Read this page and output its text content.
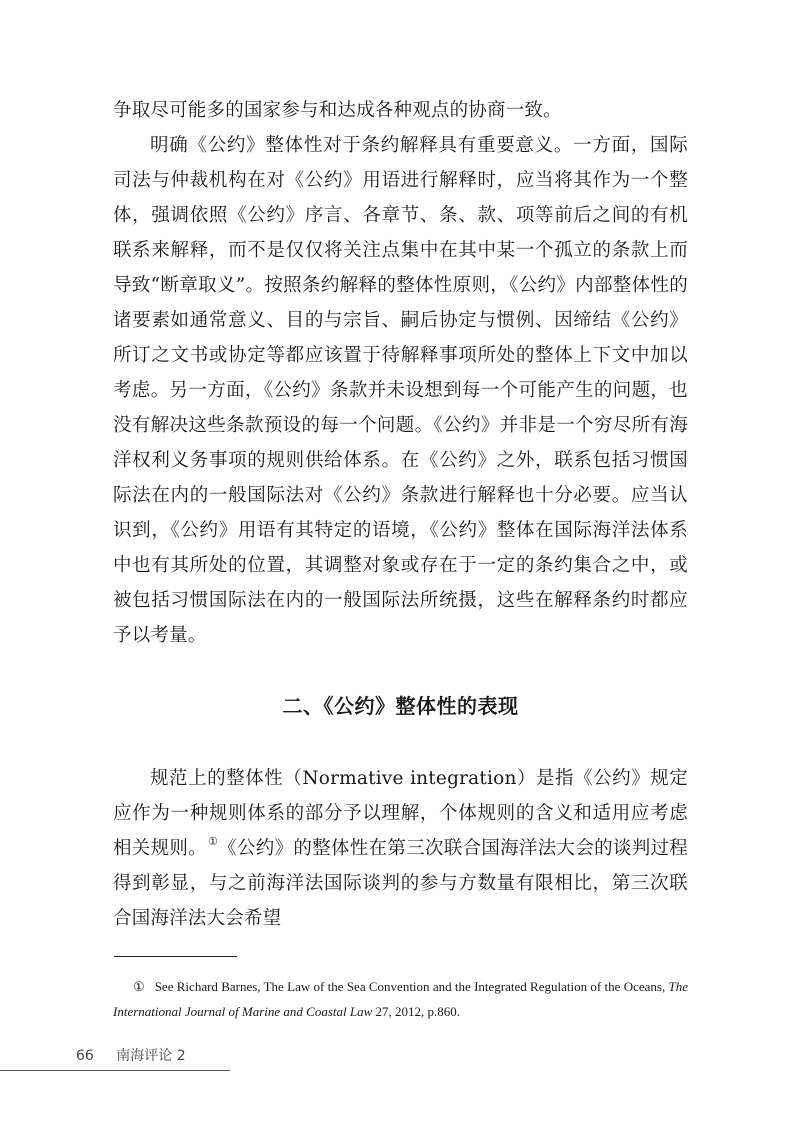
争取尽可能多的国家参与和达成各种观点的协商一致。

明确《公约》整体性对于条约解释具有重要意义。一方面，国际司法与仲裁机构在对《公约》用语进行解释时，应当将其作为一个整体，强调依照《公约》序言、各章节、条、款、项等前后之间的有机联系来解释，而不是仅仅将关注点集中在其中某一个孤立的条款上而导致“断章取义”。按照条约解释的整体性原则，《公约》内部整体性的诸要素如通常意义、目的与宗旨、嗣后协定与惯例、因缔结《公约》所订之文书或协定等都应该置于待解释事项所处的整体上下文中加以考虑。另一方面，《公约》条款并未设想到每一个可能产生的问题，也没有解决这些条款预设的每一个问题。《公约》并非是一个穷尽所有海洋权利义务事项的规则供给体系。在《公约》之外，联系包括习惯国际法在内的一般国际法对《公约》条款进行解释也十分必要。应当认识到，《公约》用语有其特定的语境，《公约》整体在国际海洋法体系中也有其所处的位置，其调整对象或存在于一定的条约集合之中，或被包括习惯国际法在内的一般国际法所统摄，这些在解释条约时都应予以考量。

二、《公约》整体性的表现

规范上的整体性（Normative integration）是指《公约》规定应作为一种规则体系的部分予以理解，个体规则的含义和适用应考虑相关规则。①《公约》的整体性在第三次联合国海洋法大会的谈判过程得到彰显，与之前海洋法国际谈判的参与方数量有限相比，第三次联合国海洋法大会希望

① See Richard Barnes, The Law of the Sea Convention and the Integrated Regulation of the Oceans, The International Journal of Marine and Coastal Law 27, 2012, p.860.

66 南海评论 2
